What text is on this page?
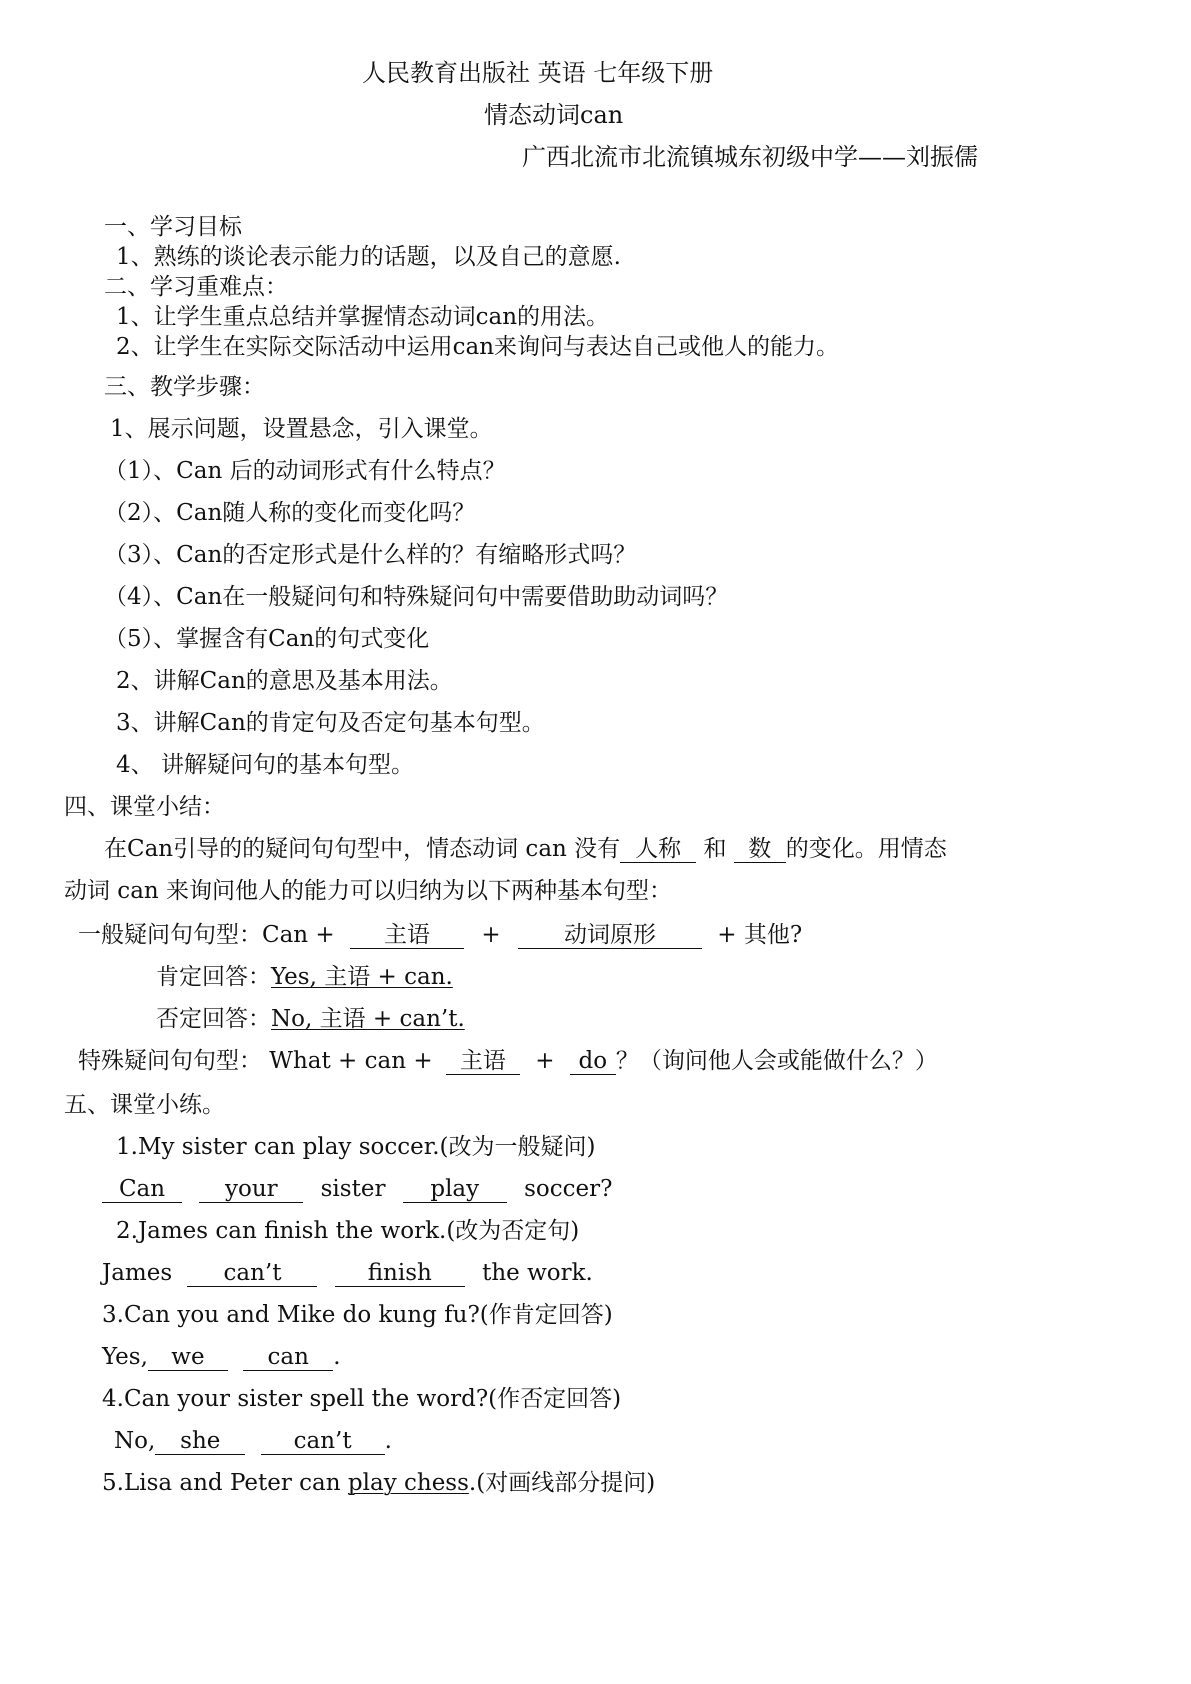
人民教育出版社 英语 七年级下册
情态动词can
广西北流市北流镇城东初级中学——刘振儒
一、学习目标
1、熟练的谈论表示能力的话题，以及自己的意愿.
二、学习重难点：
1、让学生重点总结并掌握情态动词can的用法。
2、让学生在实际交际活动中运用can来询问与表达自己或他人的能力。
三、教学步骤：
1、展示问题，设置悬念，引入课堂。
（1）、Can 后的动词形式有什么特点？
（2）、Can随人称的变化而变化吗？
（3）、Can的否定形式是什么样的？有缩略形式吗？
（4）、Can在一般疑问句和特殊疑问句中需要借助助动词吗？
（5）、掌握含有Can的句式变化
2、讲解Can的意思及基本用法。
3、讲解Can的肯定句及否定句基本句型。
4、 讲解疑问句的基本句型。
四、课堂小结：
在Can引导的的疑问句句型中，情态动词 can 没有 人称 和 数 的变化。用情态
动词 can 来询问他人的能力可以归纳为以下两种基本句型：
一般疑问句句型：Can + 主语 +	动词原形	+ 其他?
肯定回答：Yes, 主语 + can.
否定回答：No, 主语 + can’t.
特殊疑问句句型： What + can + 主语 + do ？（询问他人会或能做什么？）
五、课堂小练。
1.My sister can play soccer.(改为一般疑问)
Can	your sister play soccer?
2.James can finish the work.(改为否定句)
James can’t	finish the work.
3.Can you and Mike do kung fu?(作肯定回答)
Yes, we	can .
4.Can your sister spell the word?(作否定回答)
No, she	can’t .
5.Lisa and Peter can play chess.(对画线部分提问)
